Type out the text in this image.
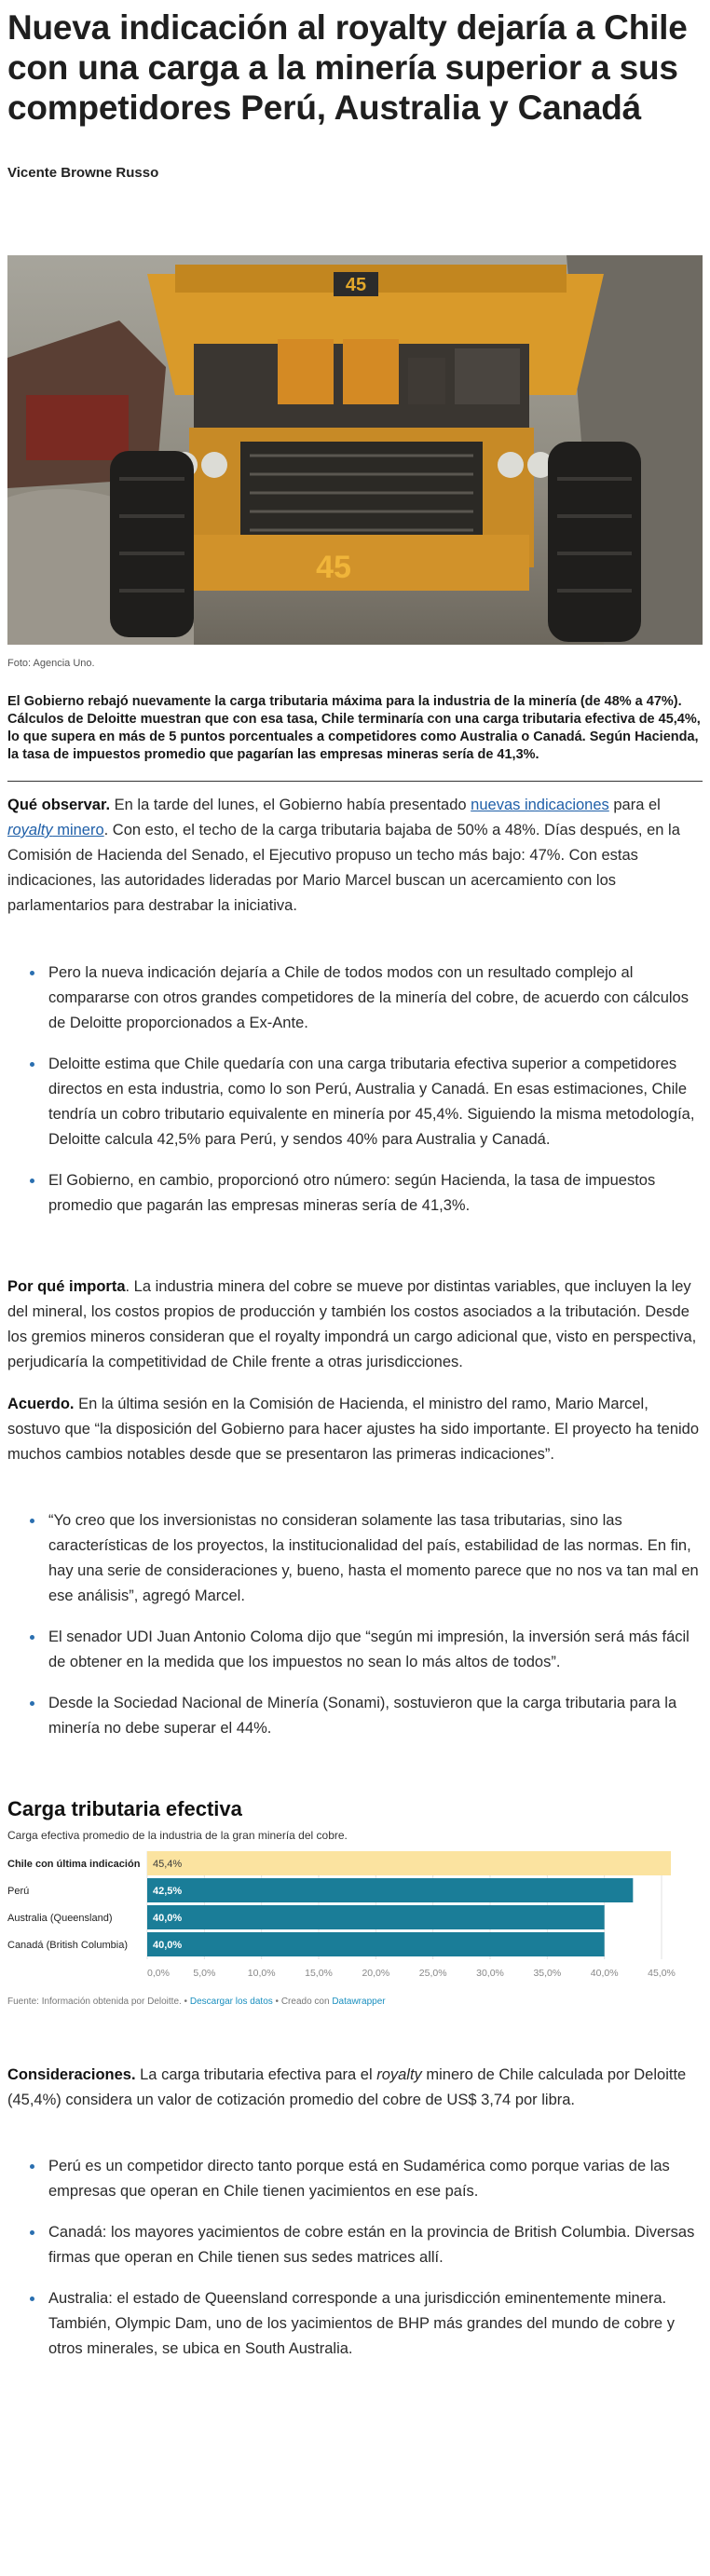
Nueva indicación al royalty dejaría a Chile con una carga a la minería superior a sus competidores Perú, Australia y Canadá
Vicente Browne Russo
45
45
Foto: Agencia Uno.
El Gobierno rebajó nuevamente la carga tributaria máxima para la industria de la minería (de 48% a 47%). Cálculos de Deloitte muestran que con esa tasa, Chile terminaría con una carga tributaria efectiva de 45,4%, lo que supera en más de 5 puntos porcentuales a competidores como Australia o Canadá. Según Hacienda, la tasa de impuestos promedio que pagarían las empresas mineras sería de 41,3%.

Qué observar. En la tarde del lunes, el Gobierno había presentado nuevas indicaciones para el royalty minero. Con esto, el techo de la carga tributaria bajaba de 50% a 48%. Días después, en la Comisión de Hacienda del Senado, el Ejecutivo propuso un techo más bajo: 47%. Con estas indicaciones, las autoridades lideradas por Mario Marcel buscan un acercamiento con los parlamentarios para destrabar la iniciativa.

Pero la nueva indicación dejaría a Chile de todos modos con un resultado complejo al compararse con otros grandes competidores de la minería del cobre, de acuerdo con cálculos de Deloitte proporcionados a Ex-Ante.
Deloitte estima que Chile quedaría con una carga tributaria efectiva superior a competidores directos en esta industria, como lo son Perú, Australia y Canadá. En esas estimaciones, Chile tendría un cobro tributario equivalente en minería por 45,4%. Siguiendo la misma metodología, Deloitte calcula 42,5% para Perú, y sendos 40% para Australia y Canadá.
El Gobierno, en cambio, proporcionó otro número: según Hacienda, la tasa de impuestos promedio que pagarán las empresas mineras sería de 41,3%.

Por qué importa. La industria minera del cobre se mueve por distintas variables, que incluyen la ley del mineral, los costos propios de producción y también los costos asociados a la tributación. Desde los gremios mineros consideran que el royalty impondrá un cargo adicional que, visto en perspectiva, perjudicaría la competitividad de Chile frente a otras jurisdicciones.

Acuerdo. En la última sesión en la Comisión de Hacienda, el ministro del ramo, Mario Marcel, sostuvo que “la disposición del Gobierno para hacer ajustes ha sido importante. El proyecto ha tenido muchos cambios notables desde que se presentaron las primeras indicaciones”.

“Yo creo que los inversionistas no consideran solamente las tasa tributarias, sino las características de los proyectos, la institucionalidad del país, estabilidad de las normas. En fin, hay una serie de consideraciones y, bueno, hasta el momento parece que no nos va tan mal en ese análisis”, agregó Marcel.
El senador UDI Juan Antonio Coloma dijo que “según mi impresión, la inversión será más fácil de obtener en la medida que los impuestos no sean lo más altos de todos”.
Desde la Sociedad Nacional de Minería (Sonami), sostuvieron que la carga tributaria para la minería no debe superar el 44%.
Carga tributaria efectiva
Carga efectiva promedio de la industria de la gran minería del cobre.
0,0% 5,0%	10,0%	15,0%	20,0%	25,0%	30,0%	35,0%	40,0%	45,0%
Chile con última indicación 45,4%
Perú	42,5%
Australia (Queensland)	40,0%
Canadá (British Columbia) 40,0%
Fuente: Información obtenida por Deloitte. • Descargar los datos • Creado con Datawrapper

Consideraciones. La carga tributaria efectiva para el royalty minero de Chile calculada por Deloitte (45,4%) considera un valor de cotización promedio del cobre de US$ 3,74 por libra.

Perú es un competidor directo tanto porque está en Sudamérica como porque varias de las empresas que operan en Chile tienen yacimientos en ese país.
Canadá: los mayores yacimientos de cobre están en la provincia de British Columbia. Diversas firmas que operan en Chile tienen sus sedes matrices allí.
Australia: el estado de Queensland corresponde a una jurisdicción eminentemente minera. También, Olympic Dam, uno de los yacimientos de BHP más grandes del mundo de cobre y otros minerales, se ubica en South Australia.
